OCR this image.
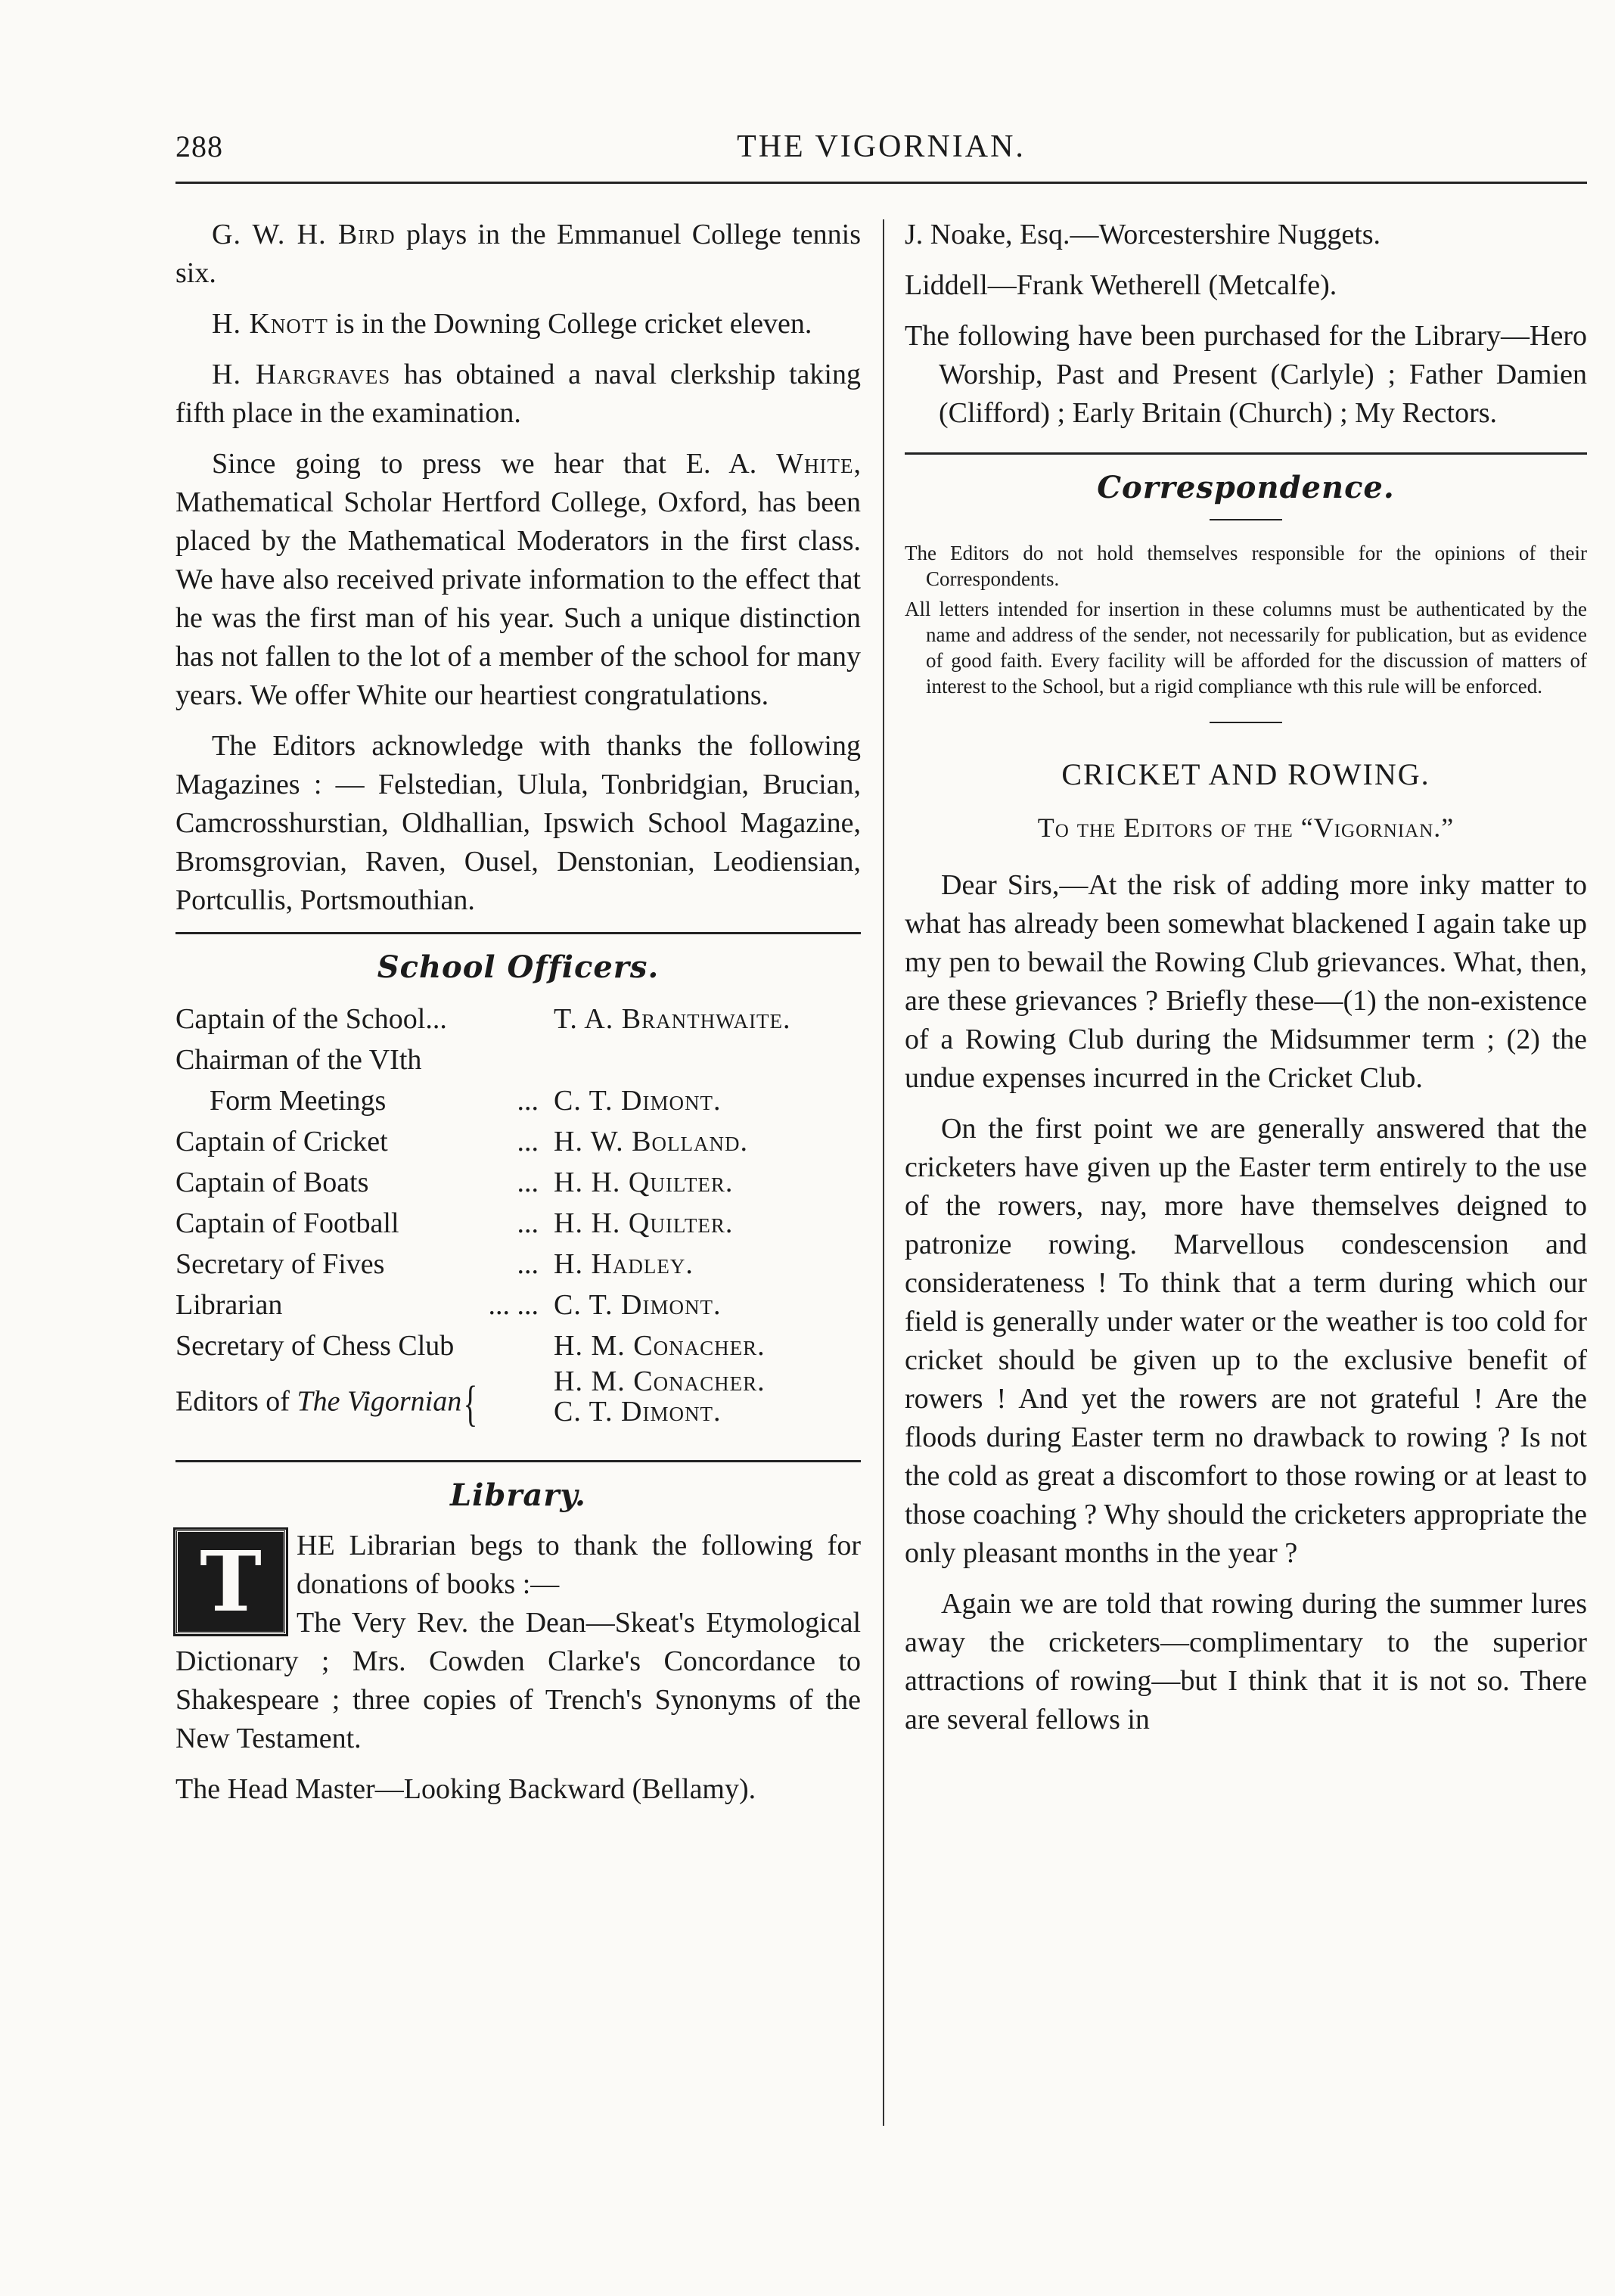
288	THE VIGORNIAN.

G. W. H. Bird plays in the Emmanuel College tennis six.

H. Knott is in the Downing College cricket eleven.

H. Hargraves has obtained a naval clerkship taking fifth place in the examination.

Since going to press we hear that E. A. White, Mathematical Scholar Hertford College, Oxford, has been placed by the Mathematical Moderators in the first class. We have also received private information to the effect that he was the first man of his year. Such a unique distinction has not fallen to the lot of a member of the school for many years. We offer White our heartiest congratulations.

The Editors acknowledge with thanks the following Magazines : — Felstedian, Ulula, Tonbridgian, Brucian, Camcrosshurstian, Oldhallian, Ipswich School Magazine, Bromsgrovian, Raven, Ousel, Denstonian, Leodiensian, Portcullis, Portsmouthian.

School Officers.
Captain of the School...		T. A. Branthwaite.
Chairman of the VIth		
Form Meetings ...		C. T. Dimont.
Captain of Cricket ...		H. W. Bolland.
Captain of Boats ...		H. H. Quilter.
Captain of Football ...		H. H. Quilter.
Secretary of Fives ...		H. Hadley.
Librarian ... ...		C. T. Dimont.
Secretary of Chess Club		H. M. Conacher.
Editors of The Vigornian{		H. M. Conacher.
C. T. Dimont.
Library.
T	HE Librarian begs to thank the following for donations of books :—

The Very Rev. the Dean—Skeat's Etymological Dictionary ; Mrs. Cowden Clarke's Concordance to Shakespeare ; three copies of Trench's Synonyms of the New Testament.

The Head Master—Looking Backward (Bellamy).

J. Noake, Esq.—Worcestershire Nuggets.

Liddell—Frank Wetherell (Metcalfe).

The following have been purchased for the Library—Hero Worship, Past and Present (Carlyle) ; Father Damien (Clifford) ; Early Britain (Church) ; My Rectors.

Correspondence.

The Editors do not hold themselves responsible for the opinions of their Correspondents.

All letters intended for insertion in these columns must be authenticated by the name and address of the sender, not necessarily for publication, but as evidence of good faith. Every facility will be afforded for the discussion of matters of interest to the School, but a rigid compliance wth this rule will be enforced.

CRICKET AND ROWING.
To the Editors of the “Vigornian.”

Dear Sirs,—At the risk of adding more inky matter to what has already been somewhat blackened I again take up my pen to bewail the Rowing Club grievances. What, then, are these grievances ? Briefly these—(1) the non-existence of a Rowing Club during the Midsummer term ; (2) the undue expenses incurred in the Cricket Club.

On the first point we are generally answered that the cricketers have given up the Easter term entirely to the use of the rowers, nay, more have themselves deigned to patronize rowing. Marvellous condescension and considerateness ! To think that a term during which our field is generally under water or the weather is too cold for cricket should be given up to the exclusive benefit of rowers ! And yet the rowers are not grateful ! Are the floods during Easter term no drawback to rowing ? Is not the cold as great a discomfort to those rowing or at least to those coaching ? Why should the cricketers appropriate the only pleasant months in the year ?

Again we are told that rowing during the summer lures away the cricketers—complimentary to the superior attractions of rowing—but I think that it is not so. There are several fellows in
